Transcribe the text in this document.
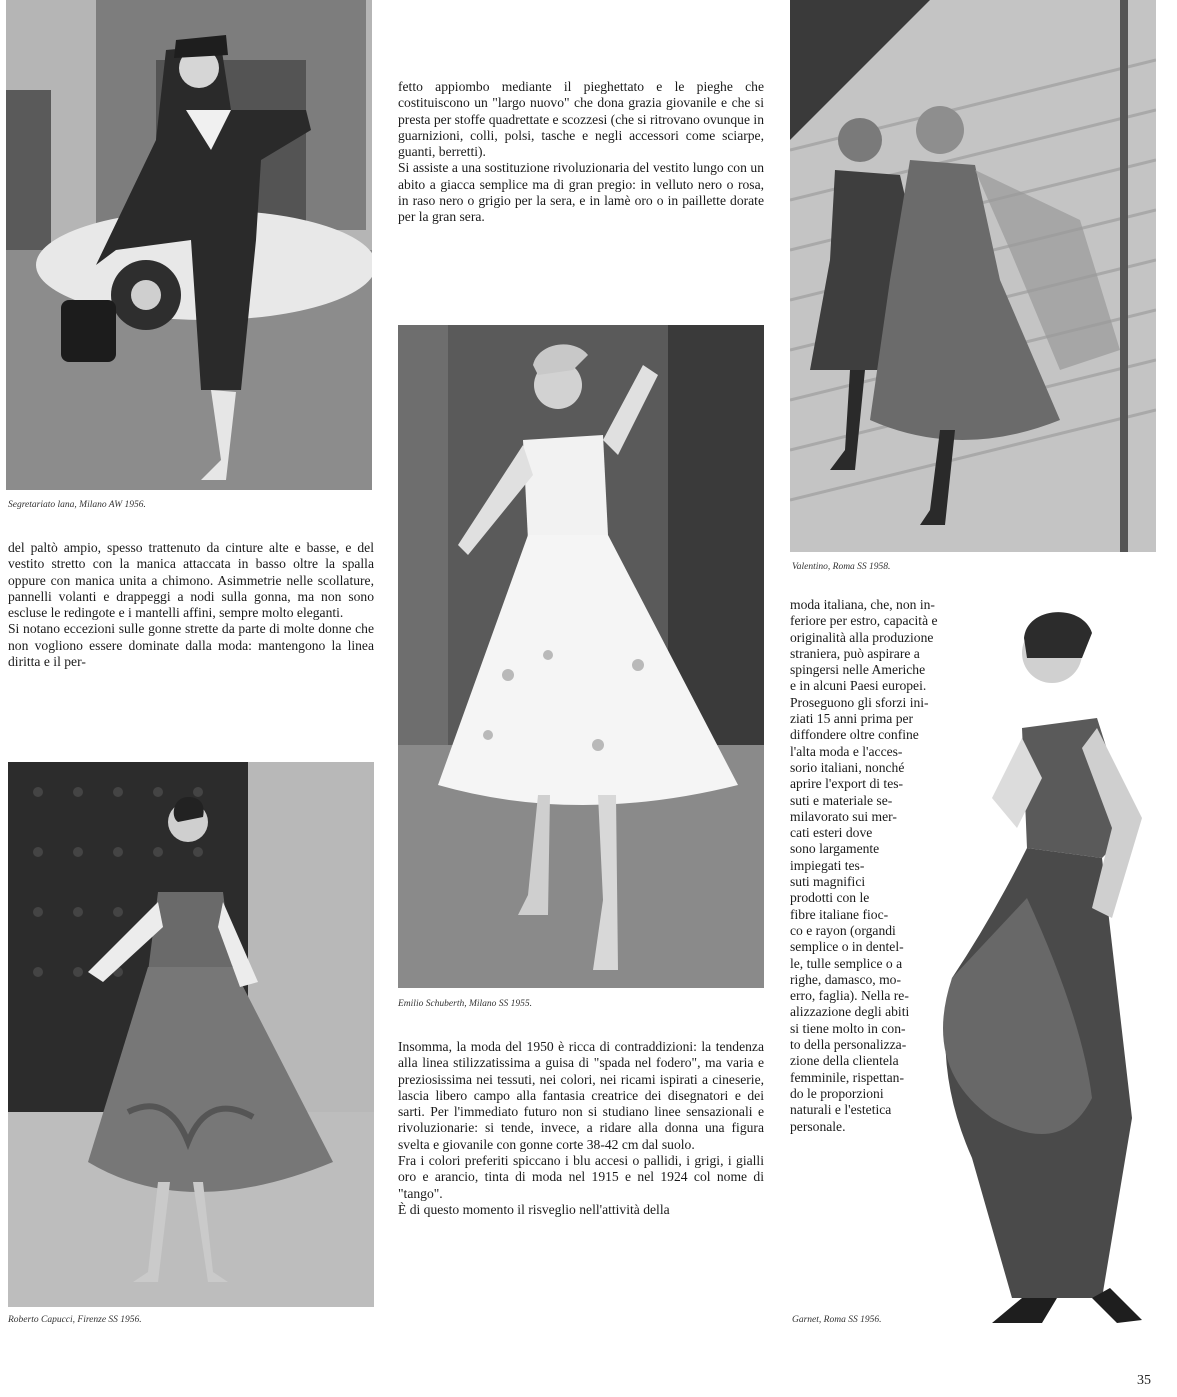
Segretariato lana, Milano AW 1956.

del paltò ampio, spesso trattenuto da cinture alte e basse, e del vestito stretto con la manica attaccata in basso oltre la spalla oppure con manica unita a chimono. Asimmetrie nelle scollature, pannelli volanti e drappeggi a nodi sulla gonna, ma non sono escluse le redingote e i mantelli affini, sempre molto eleganti.

Si notano eccezioni sulle gonne strette da parte di molte donne che non vogliono essere dominate dalla moda: mantengono la linea diritta e il per-

Roberto Capucci, Firenze SS 1956.

fetto appiombo mediante il pieghettato e le pieghe che costituiscono un "largo nuovo" che dona grazia giovanile e che si presta per stoffe quadrettate e scozzesi (che si ritrovano ovunque in guarnizioni, colli, polsi, tasche e negli accessori come sciarpe, guanti, berretti).

Si assiste a una sostituzione rivoluzionaria del vestito lungo con un abito a giacca semplice ma di gran pregio: in velluto nero o rosa, in raso nero o grigio per la sera, e in lamè oro o in paillette dorate per la gran sera.

Emilio Schuberth, Milano SS 1955.

Insomma, la moda del 1950 è ricca di contraddizioni: la tendenza alla linea stilizzatissima a guisa di "spada nel fodero", ma varia e preziosissima nei tessuti, nei colori, nei ricami ispirati a cineserie, lascia libero campo alla fantasia creatrice dei disegnatori e dei sarti. Per l'immediato futuro non si studiano linee sensazionali e rivoluzionarie: si tende, invece, a ridare alla donna una figura svelta e giovanile con gonne corte 38-42 cm dal suolo.

Fra i colori preferiti spiccano i blu accesi o pallidi, i grigi, i gialli oro e arancio, tinta di moda nel 1915 e nel 1924 col nome di "tango".

È di questo momento il risveglio nell'attività della

Valentino, Roma SS 1958.
moda italiana, che, non in-
feriore per estro, capacità e
originalità alla produzione
straniera, può aspirare a
spingersi nelle Americhe
e in alcuni Paesi europei.
Proseguono gli sforzi ini-
ziati 15 anni prima per
diffondere oltre confine
l'alta moda e l'acces-
sorio italiani, nonché
aprire l'export di tes-
suti e materiale se-
milavorato sui mer-
cati esteri dove
sono largamente
impiegati tes-
suti magnifici
prodotti con le
fibre italiane fioc-
co e rayon (organdi
semplice o in dentel-
le, tulle semplice o a
righe, damasco, mo-
erro, faglia). Nella re-
alizzazione degli abiti
si tiene molto in con-
to della personalizza-
zione della clientela
femminile, rispettan-
do le proporzioni
naturali e l'estetica
personale.
Garnet, Roma SS 1956.
35
